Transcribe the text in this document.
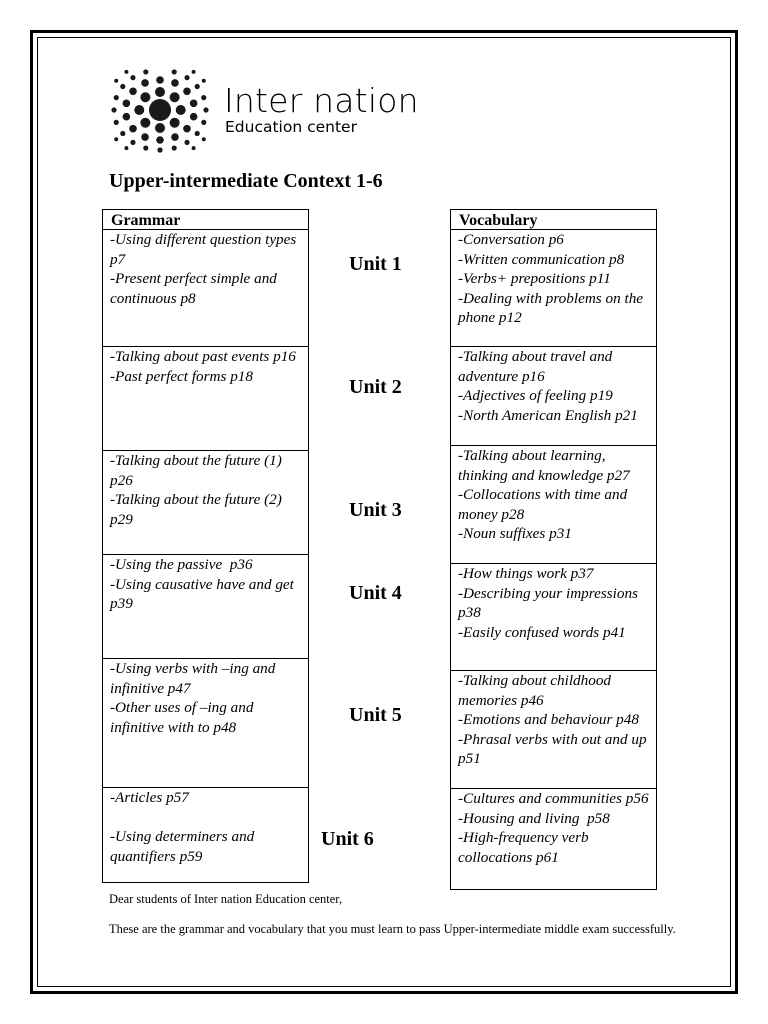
Inter nation
Education center
Upper-intermediate Context 1-6
Grammar
-Using different question types p7
-Present perfect simple and continuous p8
-Talking about past events p16
-Past perfect forms p18
-Talking about the future (1) p26
-Talking about the future (2) p29
-Using the passive  p36
-Using causative have and get p39
-Using verbs with –ing and infinitive p47
-Other uses of –ing and infinitive with to p48
-Articles p57

-Using determiners and quantifiers p59
Vocabulary
-Conversation p6
-Written communication p8
-Verbs+ prepositions p11
-Dealing with problems on the phone p12
-Talking about travel and adventure p16
-Adjectives of feeling p19
-North American English p21
-Talking about learning, thinking and knowledge p27
-Collocations with time and money p28
-Noun suffixes p31
-How things work p37
-Describing your impressions p38
-Easily confused words p41
-Talking about childhood memories p46
-Emotions and behaviour p48
-Phrasal verbs with out and up p51
-Cultures and communities p56
-Housing and living  p58
-High-frequency verb collocations p61
Unit 1
Unit 2
Unit 3
Unit 4
Unit 5
Unit 6

Dear students of Inter nation Education center,

These are the grammar and vocabulary that you must learn to pass Upper-intermediate middle exam successfully.
